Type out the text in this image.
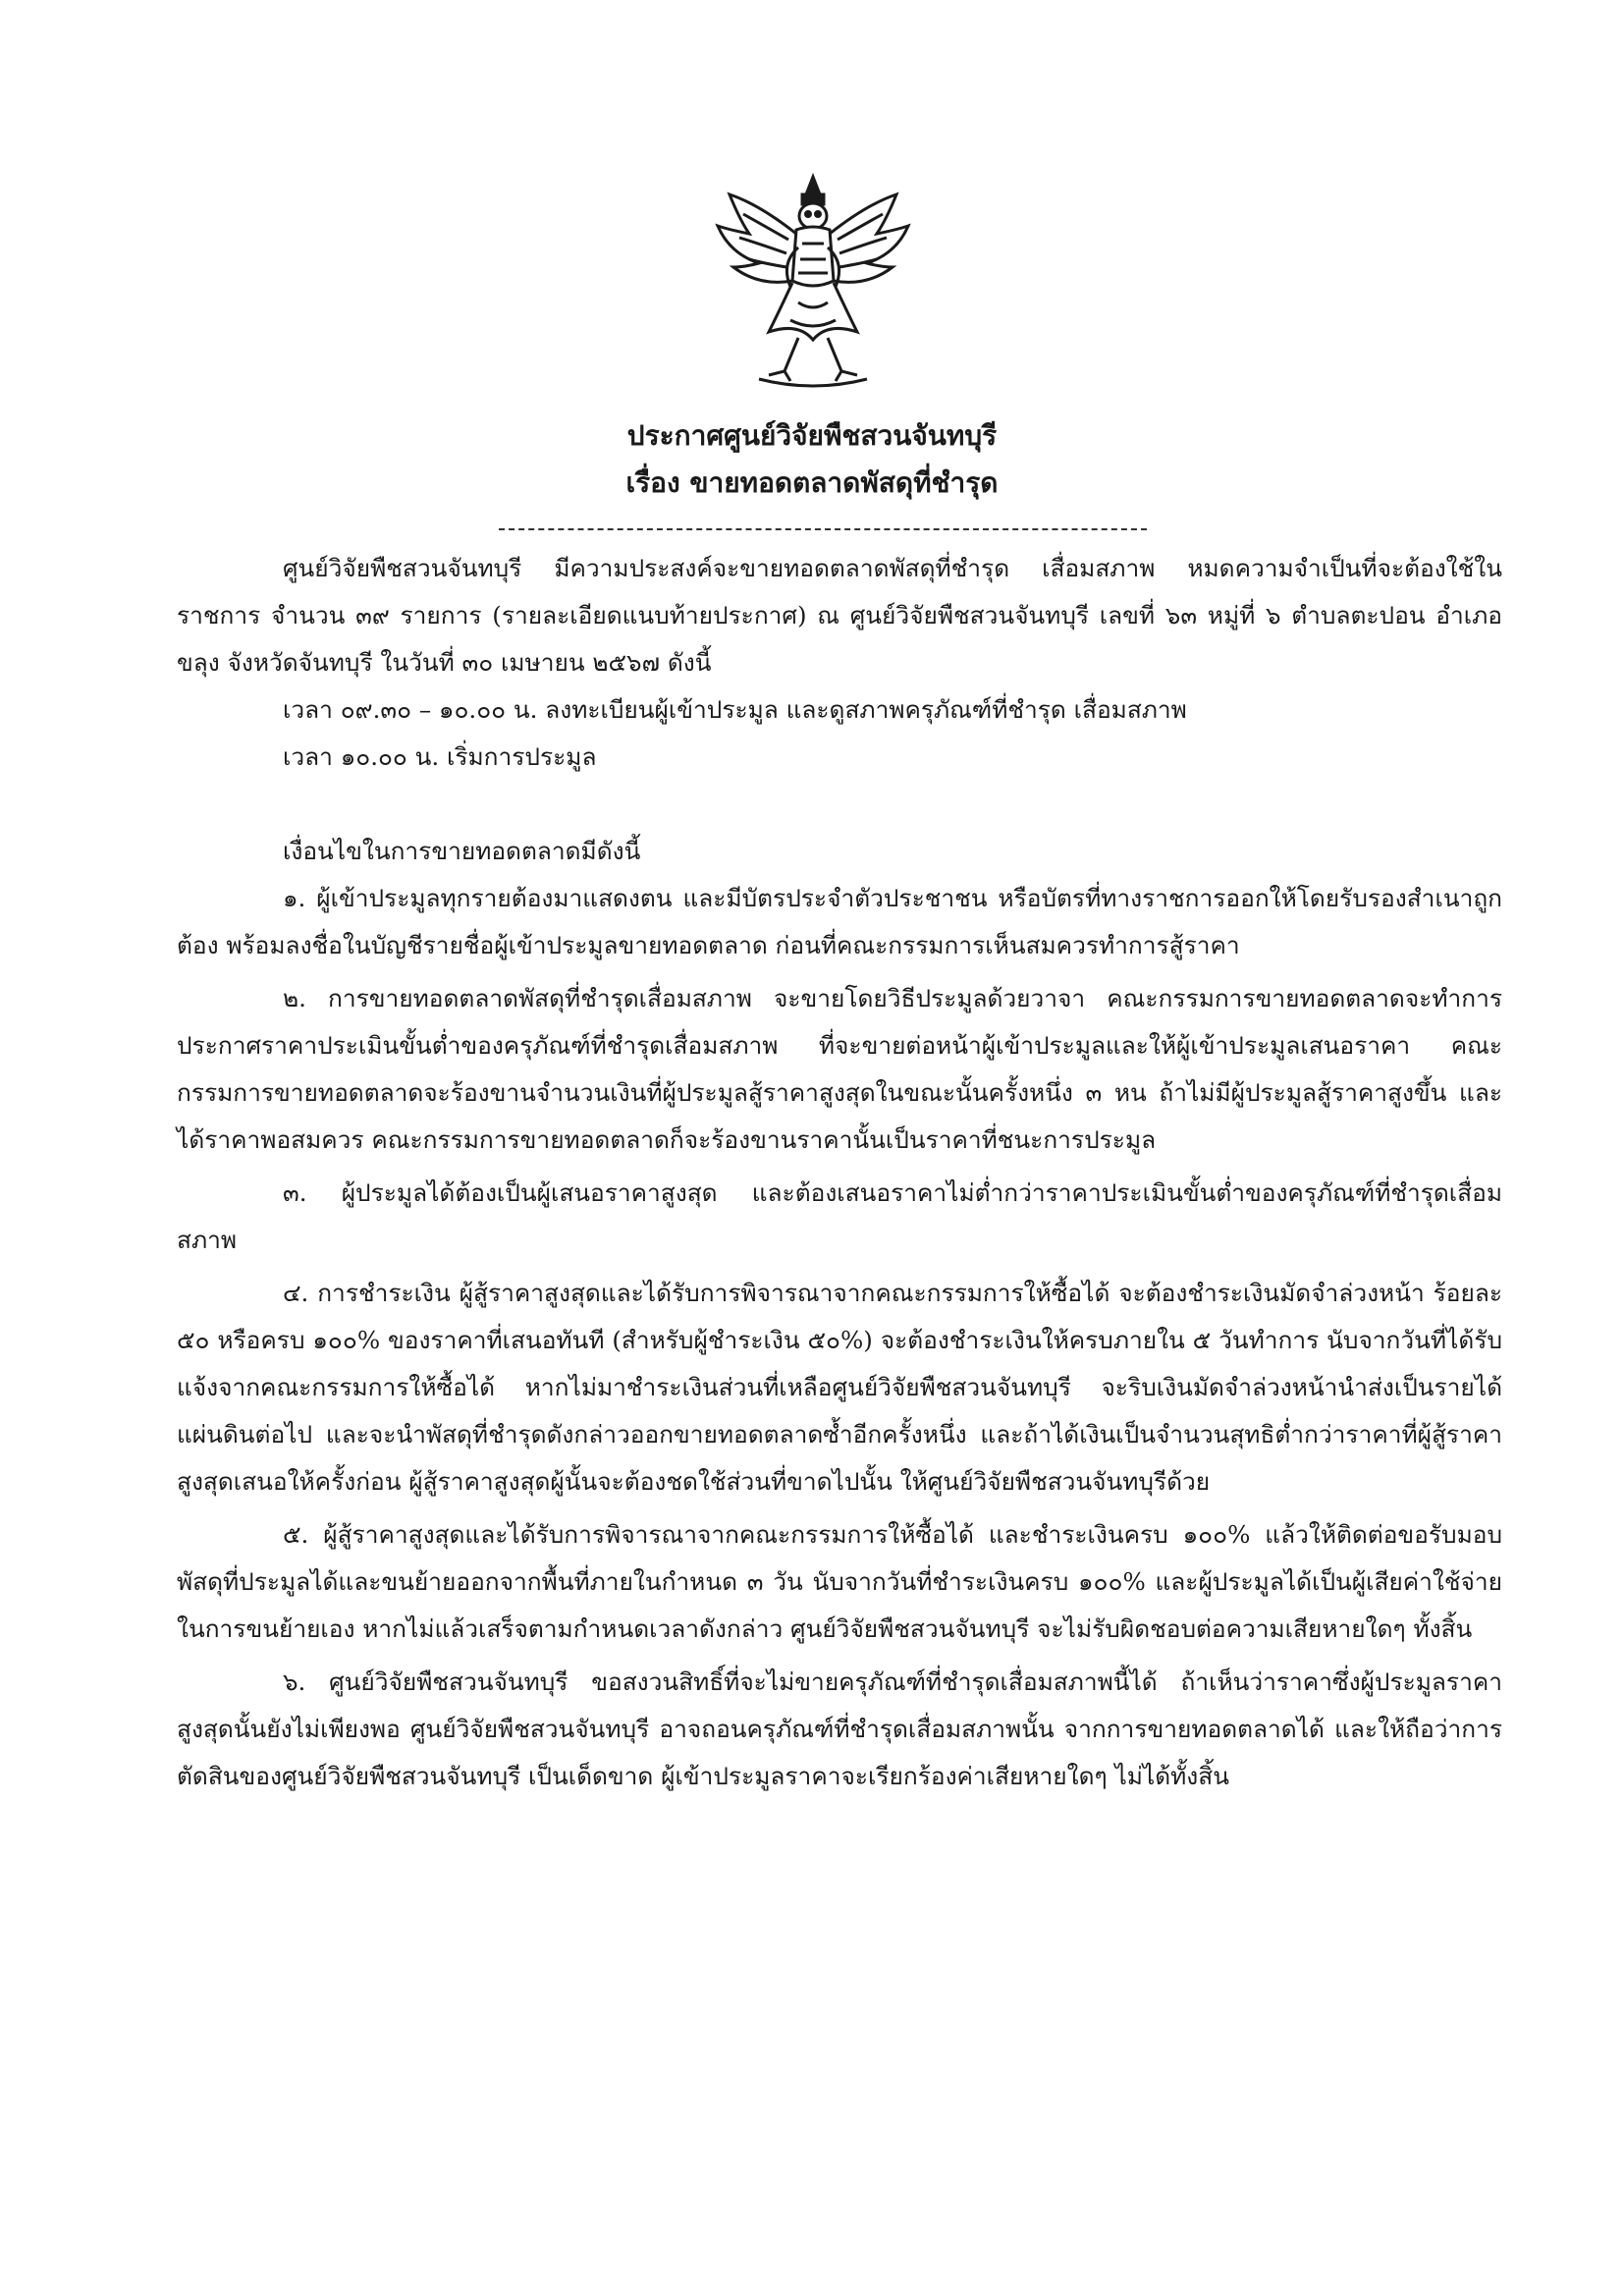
ประกาศศูนย์วิจัยพืชสวนจันทบุรี
เรื่อง ขายทอดตลาดพัสดุที่ชำรุด

ศูนย์วิจัยพืชสวนจันทบุรี มีความประสงค์จะขายทอดตลาดพัสดุที่ชำรุด เสื่อมสภาพ หมดความจำเป็นที่จะต้องใช้ในราชการ จำนวน ๓๙ รายการ (รายละเอียดแนบท้ายประกาศ) ณ ศูนย์วิจัยพืชสวนจันทบุรี เลขที่ ๖๓ หมู่ที่ ๖ ตำบลตะปอน อำเภอขลุง จังหวัดจันทบุรี ในวันที่ ๓๐ เมษายน ๒๕๖๗ ดังนี้

เวลา ๐๙.๓๐ – ๑๐.๐๐ น. ลงทะเบียนผู้เข้าประมูล และดูสภาพครุภัณฑ์ที่ชำรุด เสื่อมสภาพ

เวลา ๑๐.๐๐ น. เริ่มการประมูล

เงื่อนไขในการขายทอดตลาดมีดังนี้

๑. ผู้เข้าประมูลทุกรายต้องมาแสดงตน และมีบัตรประจำตัวประชาชน หรือบัตรที่ทางราชการออกให้โดยรับรองสำเนาถูกต้อง พร้อมลงชื่อในบัญชีรายชื่อผู้เข้าประมูลขายทอดตลาด ก่อนที่คณะกรรมการเห็นสมควรทำการสู้ราคา

๒. การขายทอดตลาดพัสดุที่ชำรุดเสื่อมสภาพ จะขายโดยวิธีประมูลด้วยวาจา คณะกรรมการขายทอดตลาดจะทำการประกาศราคาประเมินขั้นต่ำของครุภัณฑ์ที่ชำรุดเสื่อมสภาพ ที่จะขายต่อหน้าผู้เข้าประมูลและให้ผู้เข้าประมูลเสนอราคา คณะกรรมการขายทอดตลาดจะร้องขานจำนวนเงินที่ผู้ประมูลสู้ราคาสูงสุดในขณะนั้นครั้งหนึ่ง ๓ หน ถ้าไม่มีผู้ประมูลสู้ราคาสูงขึ้น และได้ราคาพอสมควร คณะกรรมการขายทอดตลาดก็จะร้องขานราคานั้นเป็นราคาที่ชนะการประมูล

๓. ผู้ประมูลได้ต้องเป็นผู้เสนอราคาสูงสุด และต้องเสนอราคาไม่ต่ำกว่าราคาประเมินขั้นต่ำของครุภัณฑ์ที่ชำรุดเสื่อมสภาพ

๔. การชำระเงิน ผู้สู้ราคาสูงสุดและได้รับการพิจารณาจากคณะกรรมการให้ซื้อได้ จะต้องชำระเงินมัดจำล่วงหน้า ร้อยละ ๕๐ หรือครบ ๑๐๐% ของราคาที่เสนอทันที (สำหรับผู้ชำระเงิน ๕๐%) จะต้องชำระเงินให้ครบภายใน ๕ วันทำการ นับจากวันที่ได้รับแจ้งจากคณะกรรมการให้ซื้อได้ หากไม่มาชำระเงินส่วนที่เหลือศูนย์วิจัยพืชสวนจันทบุรี จะริบเงินมัดจำล่วงหน้านำส่งเป็นรายได้แผ่นดินต่อไป และจะนำพัสดุที่ชำรุดดังกล่าวออกขายทอดตลาดซ้ำอีกครั้งหนึ่ง และถ้าได้เงินเป็นจำนวนสุทธิต่ำกว่าราคาที่ผู้สู้ราคาสูงสุดเสนอให้ครั้งก่อน ผู้สู้ราคาสูงสุดผู้นั้นจะต้องชดใช้ส่วนที่ขาดไปนั้น ให้ศูนย์วิจัยพืชสวนจันทบุรีด้วย

๕. ผู้สู้ราคาสูงสุดและได้รับการพิจารณาจากคณะกรรมการให้ซื้อได้ และชำระเงินครบ ๑๐๐% แล้วให้ติดต่อขอรับมอบพัสดุที่ประมูลได้และขนย้ายออกจากพื้นที่ภายในกำหนด ๓ วัน นับจากวันที่ชำระเงินครบ ๑๐๐% และผู้ประมูลได้เป็นผู้เสียค่าใช้จ่ายในการขนย้ายเอง หากไม่แล้วเสร็จตามกำหนดเวลาดังกล่าว ศูนย์วิจัยพืชสวนจันทบุรี จะไม่รับผิดชอบต่อความเสียหายใดๆ ทั้งสิ้น

๖. ศูนย์วิจัยพืชสวนจันทบุรี ขอสงวนสิทธิ์ที่จะไม่ขายครุภัณฑ์ที่ชำรุดเสื่อมสภาพนี้ได้ ถ้าเห็นว่าราคาซึ่งผู้ประมูลราคาสูงสุดนั้นยังไม่เพียงพอ ศูนย์วิจัยพืชสวนจันทบุรี อาจถอนครุภัณฑ์ที่ชำรุดเสื่อมสภาพนั้น จากการขายทอดตลาดได้ และให้ถือว่าการตัดสินของศูนย์วิจัยพืชสวนจันทบุรี เป็นเด็ดขาด ผู้เข้าประมูลราคาจะเรียกร้องค่าเสียหายใดๆ ไม่ได้ทั้งสิ้น
